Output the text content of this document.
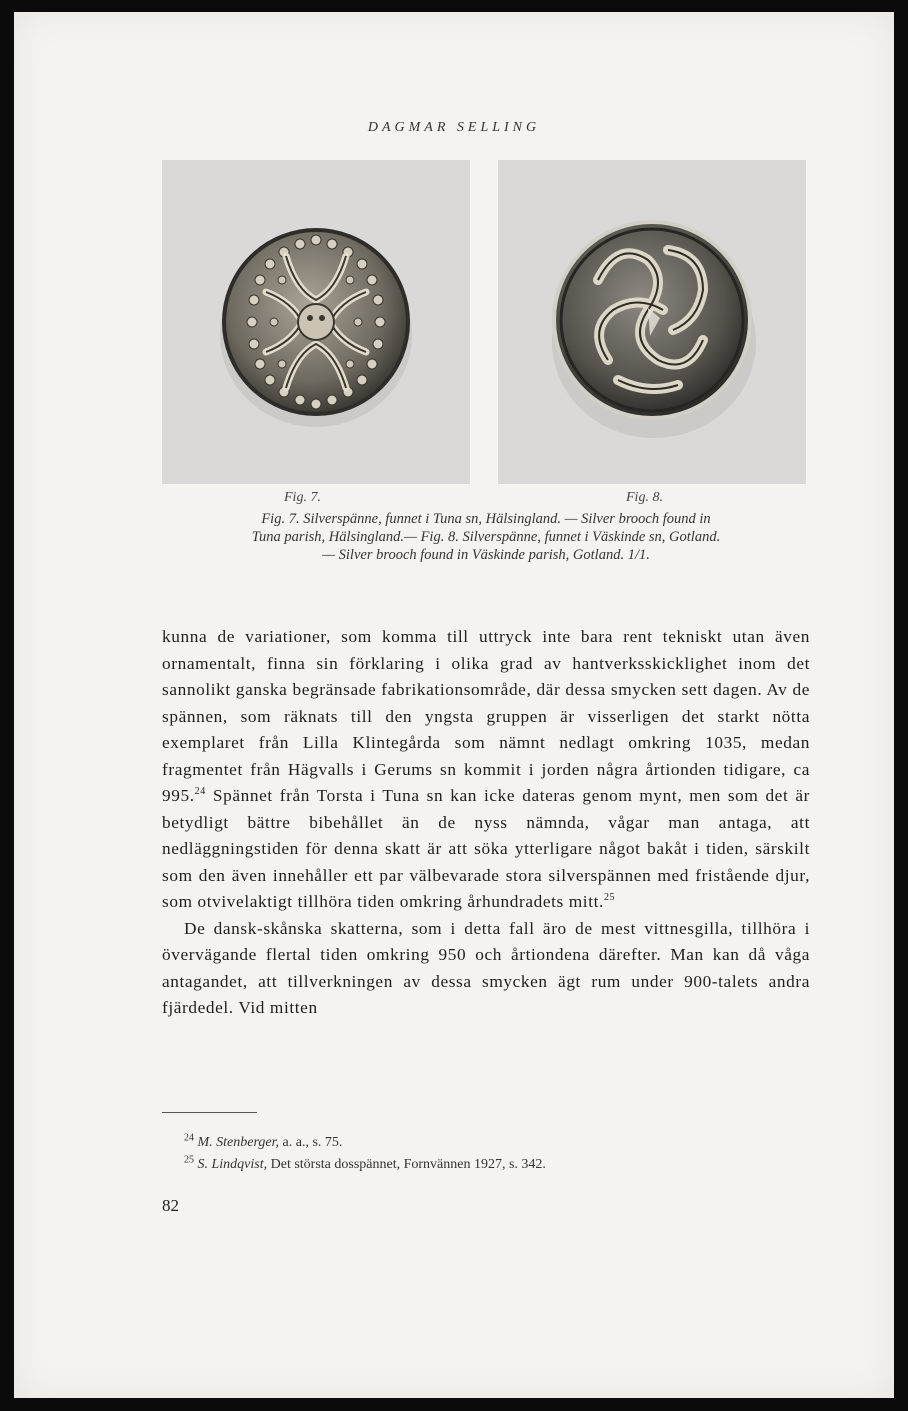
DAGMAR SELLING
Fig. 7.	Fig. 8.
Fig. 7. Silverspänne, funnet i Tuna sn, Hälsingland. — Silver brooch found in
Tuna parish, Hälsingland.— Fig. 8. Silverspänne, funnet i Väskinde sn, Gotland.
— Silver brooch found in Väskinde parish, Gotland. 1/1.

kunna de variationer, som komma till uttryck inte bara rent tekniskt utan även ornamentalt, finna sin förklaring i olika grad av hantverksskicklighet inom det sannolikt ganska begränsade fabrikationsområde, där dessa smycken sett dagen. Av de spännen, som räknats till den yngsta gruppen är visserligen det starkt nötta exemplaret från Lilla Klintegårda som nämnt nedlagt omkring 1035, medan fragmentet från Hägvalls i Gerums sn kommit i jorden några årtionden tidigare, ca 995.24 Spännet från Torsta i Tuna sn kan icke dateras genom mynt, men som det är betydligt bättre bibehållet än de nyss nämnda, vågar man antaga, att nedläggningstiden för denna skatt är att söka ytterligare något bakåt i tiden, särskilt som den även innehåller ett par välbevarade stora silverspännen med fristående djur, som otvivelaktigt tillhöra tiden omkring århundradets mitt.$^{25}$

De dansk-skånska skatterna, som i detta fall äro de mest vittnesgilla, tillhöra i övervägande flertal tiden omkring 950 och årtiondena därefter. Man kan då våga antagandet, att tillverkningen av dessa smycken ägt rum under 900-talets andra fjärdedel. Vid mitten

$^{24}$ M. Stenberger, a. a., s. 75.
$^{25}$ S. Lindqvist, Det största dosspännet, Fornvännen 1927, s. 342.
82
